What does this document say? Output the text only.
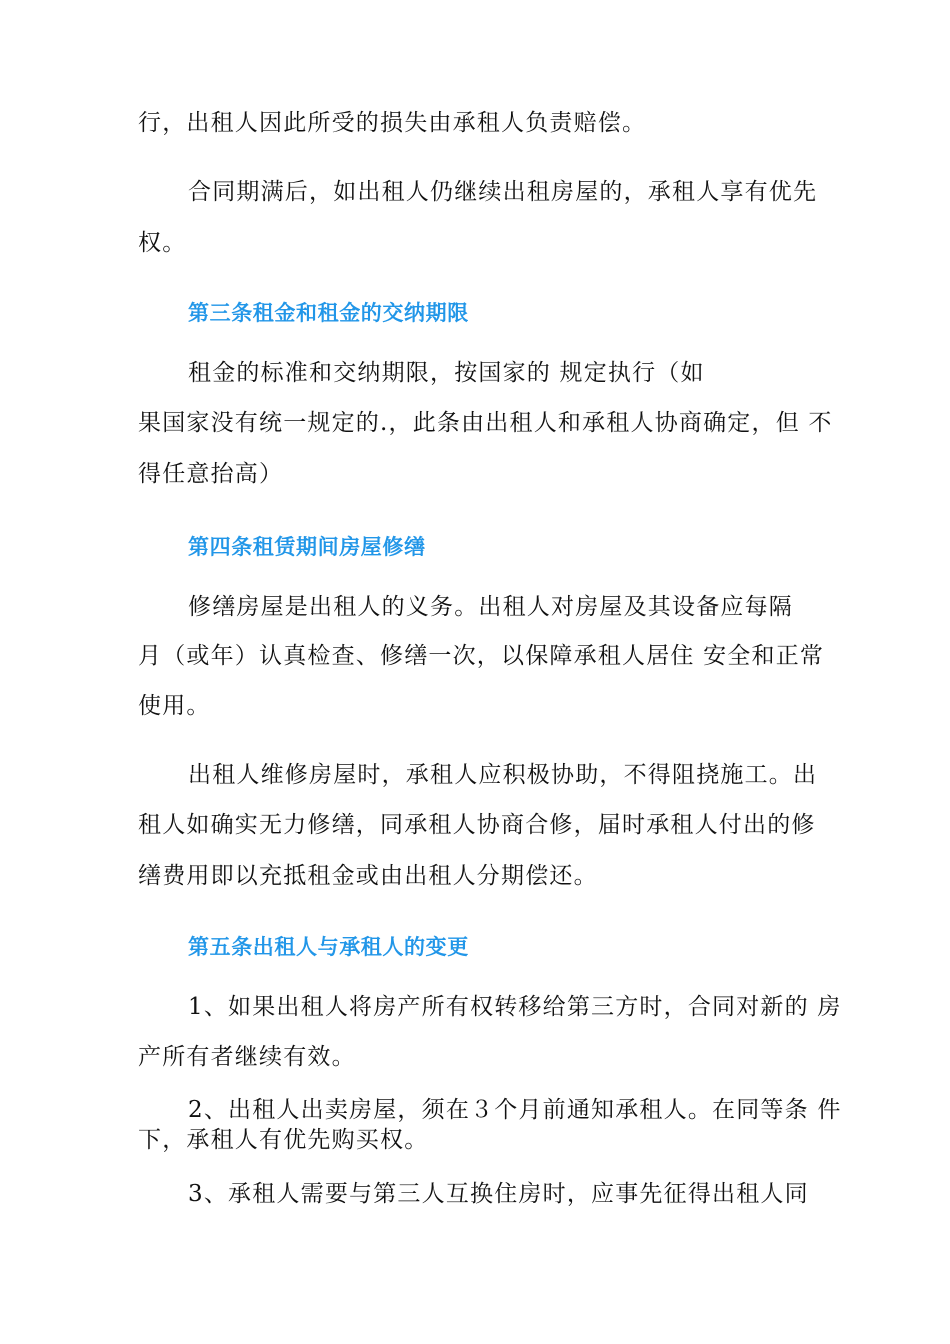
行，出租人因此所受的损失由承租人负责赔偿。
合同期满后，如出租人仍继续出租房屋的，承租人享有优先
权。
第三条租金和租金的交纳期限
租金的标准和交纳期限，按国家的 规定执行（如
果国家没有统一规定的.，此条由出租人和承租人协商确定，但 不
得任意抬高）
第四条租赁期间房屋修缮
修缮房屋是出租人的义务。出租人对房屋及其设备应每隔
月（或年）认真检查、修缮一次，以保障承租人居住 安全和正常
使用。
出租人维修房屋时，承租人应积极协助，不得阻挠施工。出
租人如确实无力修缮，同承租人协商合修，届时承租人付出的修
缮费用即以充抵租金或由出租人分期偿还。
第五条出租人与承租人的变更
1、如果出租人将房产所有权转移给第三方时，合同对新的 房
产所有者继续有效。
2、出租人出卖房屋，须在３个月前通知承租人。在同等条 件
下，承租人有优先购买权。
3、承租人需要与第三人互换住房时，应事先征得出租人同
